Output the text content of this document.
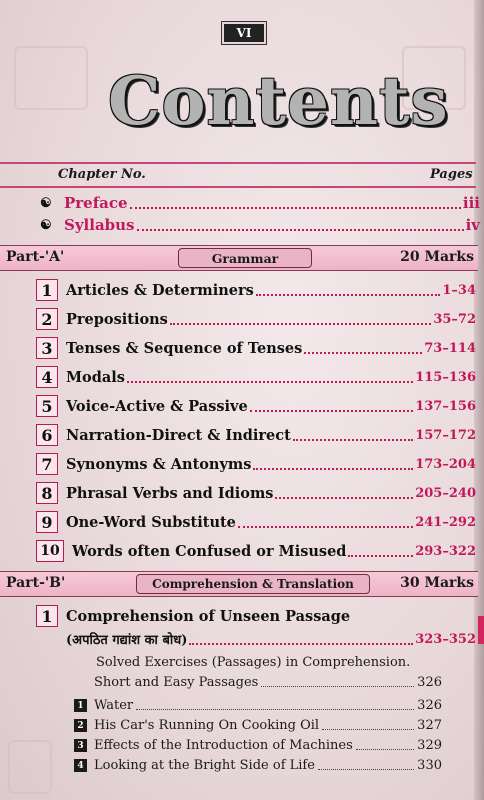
VI
Contents
Chapter No.	Pages
☯ Preface	iii
☯ Syllabus	iv
Part-'A'	Grammar	20 Marks
1 Articles & Determiners	1–34
2 Prepositions	35–72
3 Tenses & Sequence of Tenses	73–114
4 Modals	115–136
5 Voice-Active & Passive	137–156
6 Narration-Direct & Indirect	157–172
7 Synonyms & Antonyms	173–204
8 Phrasal Verbs and Idioms	205–240
9 One-Word Substitute	241–292
10 Words often Confused or Misused	293–322
Part-'B'	Comprehension & Translation	30 Marks
1 Comprehension of Unseen Passage
(अपठित गद्यांश का बोध)	323–352
Solved Exercises (Passages) in Comprehension.
Short and Easy Passages	326
1 Water	326
2 His Car's Running On Cooking Oil	327
3 Effects of the Introduction of Machines	329
4 Looking at the Bright Side of Life	330
